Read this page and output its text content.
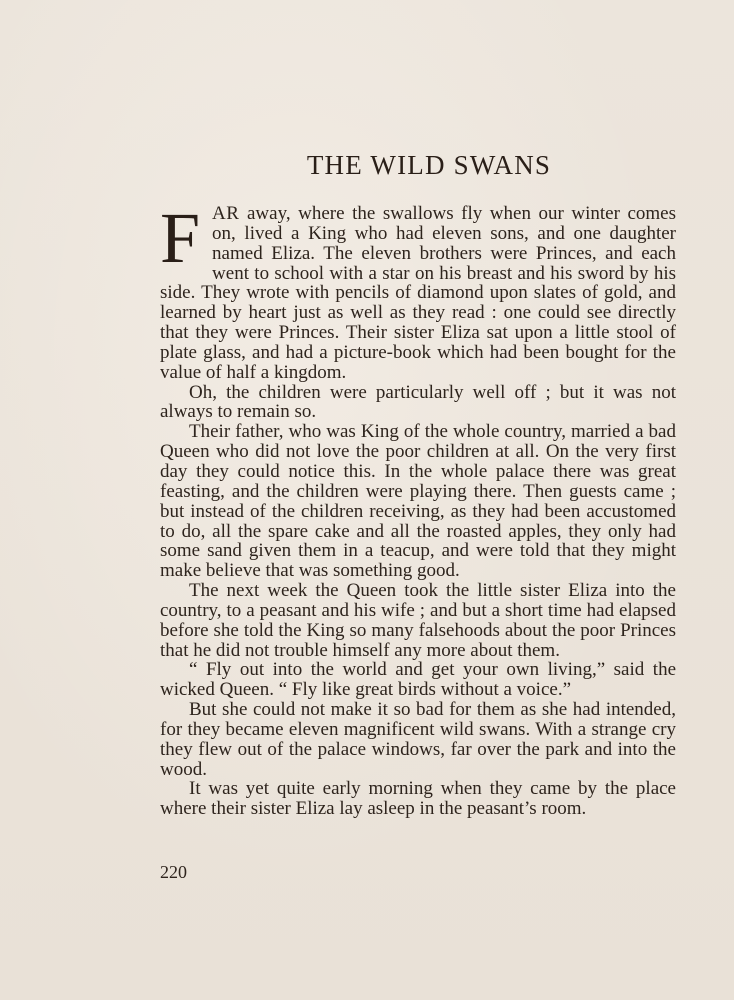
THE WILD SWANS

FAR away, where the swallows fly when our winter comes on, lived a King who had eleven sons, and one daughter named Eliza. The eleven brothers were Princes, and each went to school with a star on his breast and his sword by his side. They wrote with pencils of diamond upon slates of gold, and learned by heart just as well as they read : one could see directly that they were Princes. Their sister Eliza sat upon a little stool of plate glass, and had a picture-book which had been bought for the value of half a kingdom.

Oh, the children were particularly well off ; but it was not always to remain so.

Their father, who was King of the whole country, married a bad Queen who did not love the poor children at all. On the very first day they could notice this. In the whole palace there was great feasting, and the children were playing there. Then guests came ; but instead of the children receiving, as they had been accustomed to do, all the spare cake and all the roasted apples, they only had some sand given them in a teacup, and were told that they might make believe that was something good.

The next week the Queen took the little sister Eliza into the country, to a peasant and his wife ; and but a short time had elapsed before she told the King so many falsehoods about the poor Princes that he did not trouble himself any more about them.

“ Fly out into the world and get your own living,” said the wicked Queen. “ Fly like great birds without a voice.”

But she could not make it so bad for them as she had intended, for they became eleven magnificent wild swans. With a strange cry they flew out of the palace windows, far over the park and into the wood.

It was yet quite early morning when they came by the place where their sister Eliza lay asleep in the peasant’s room.

220
